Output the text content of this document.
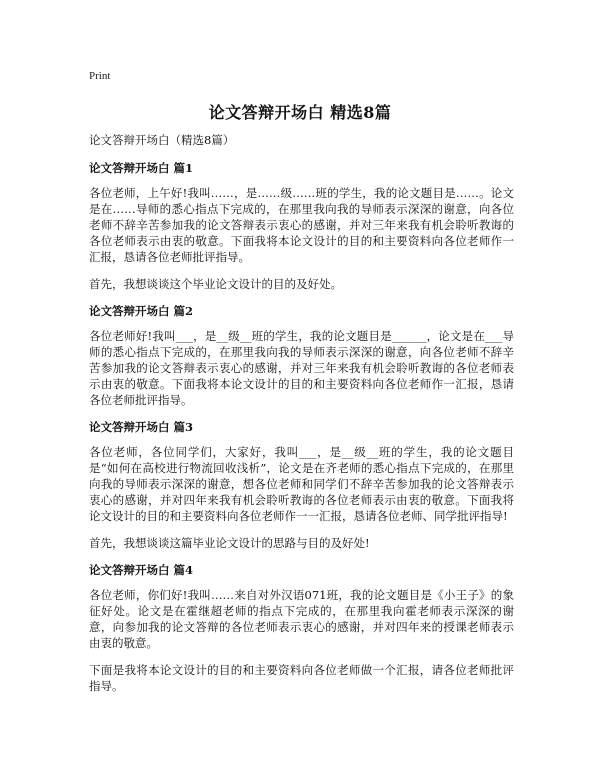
Print
论文答辩开场白 精选8篇
论文答辩开场白（精选8篇）
论文答辩开场白 篇1

各位老师，上午好!我叫……，是……级……班的学生，我的论文题目是……。论文是在……导师的悉心指点下完成的，在那里我向我的导师表示深深的谢意，向各位老师不辞辛苦参加我的论文答辩表示衷心的感谢，并对三年来我有机会聆听教诲的各位老师表示由衷的敬意。下面我将本论文设计的目的和主要资料向各位老师作一汇报，恳请各位老师批评指导。

首先，我想谈谈这个毕业论文设计的目的及好处。

论文答辩开场白 篇2

各位老师好!我叫___，是__级__班的学生，我的论文题目是______，论文是在___导师的悉心指点下完成的，在那里我向我的导师表示深深的谢意，向各位老师不辞辛苦参加我的论文答辩表示衷心的感谢，并对三年来我有机会聆听教诲的各位老师表示由衷的敬意。下面我将本论文设计的目的和主要资料向各位老师作一汇报，恳请各位老师批评指导。

论文答辩开场白 篇3

各位老师，各位同学们，大家好，我叫___，是__级__班的学生，我的论文题目是“如何在高校进行物流回收浅析”，论文是在齐老师的悉心指点下完成的，在那里向我的导师表示深深的谢意，想各位老师和同学们不辞辛苦参加我的论文答辩表示衷心的感谢，并对四年来我有机会聆听教诲的各位老师表示由衷的敬意。下面我将论文设计的目的和主要资料向各位老师作一一汇报，恳请各位老师、同学批评指导!

首先，我想谈谈这篇毕业论文设计的思路与目的及好处!

论文答辩开场白 篇4

各位老师，你们好!我叫……来自对外汉语071班，我的论文题目是《小王子》的象征好处。论文是在霍继超老师的指点下完成的，在那里我向霍老师表示深深的谢意，向参加我的论文答辩的各位老师表示衷心的感谢，并对四年来的授课老师表示由衷的敬意。

下面是我将本论文设计的目的和主要资料向各位老师做一个汇报，请各位老师批评指导。
